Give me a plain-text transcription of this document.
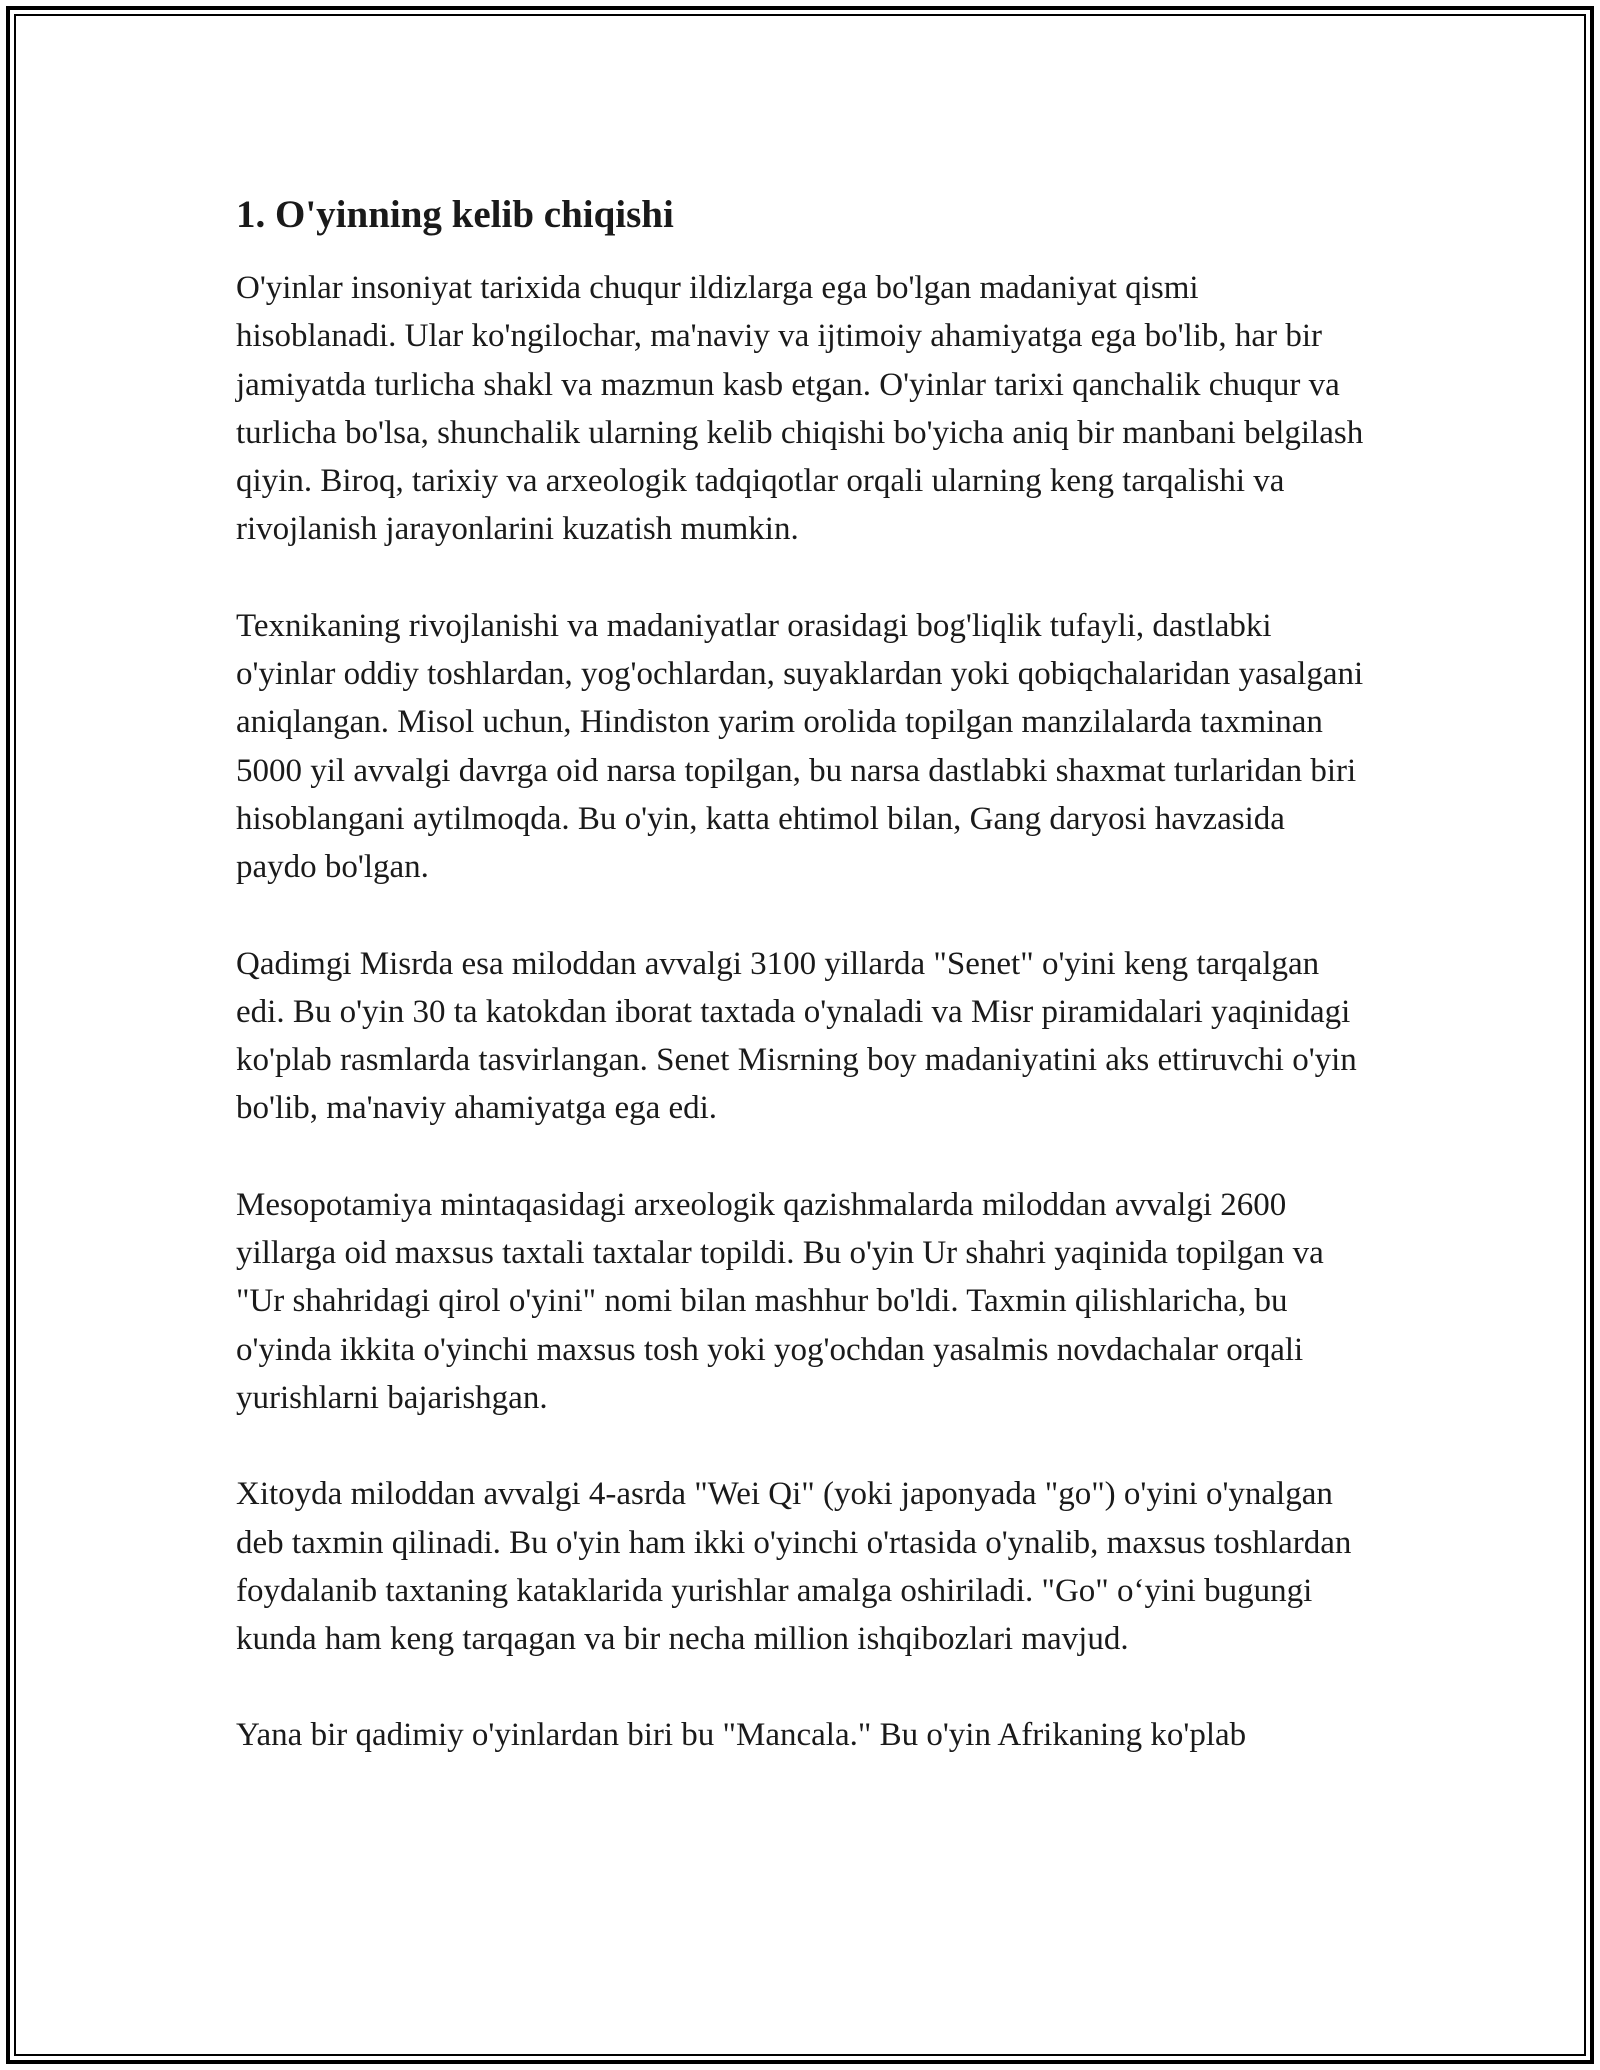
1. O'yinning kelib chiqishi

O'yinlar insoniyat tarixida chuqur ildizlarga ega bo'lgan madaniyat qismi hisoblanadi. Ular ko'ngilochar, ma'naviy va ijtimoiy ahamiyatga ega bo'lib, har bir jamiyatda turlicha shakl va mazmun kasb etgan. O'yinlar tarixi qanchalik chuqur va turlicha bo'lsa, shunchalik ularning kelib chiqishi bo'yicha aniq bir manbani belgilash qiyin. Biroq, tarixiy va arxeologik tadqiqotlar orqali ularning keng tarqalishi va rivojlanish jarayonlarini kuzatish mumkin.

Texnikaning rivojlanishi va madaniyatlar orasidagi bog'liqlik tufayli, dastlabki o'yinlar oddiy toshlardan, yog'ochlardan, suyaklardan yoki qobiqchalaridan yasalgani aniqlangan. Misol uchun, Hindiston yarim orolida topilgan manzilalarda taxminan 5000 yil avvalgi davrga oid narsa topilgan, bu narsa dastlabki shaxmat turlaridan biri hisoblangani aytilmoqda. Bu o'yin, katta ehtimol bilan, Gang daryosi havzasida paydo bo'lgan.

Qadimgi Misrda esa miloddan avvalgi 3100 yillarda "Senet" o'yini keng tarqalgan edi. Bu o'yin 30 ta katokdan iborat taxtada o'ynaladi va Misr piramidalari yaqinidagi ko'plab rasmlarda tasvirlangan. Senet Misrning boy madaniyatini aks ettiruvchi o'yin bo'lib, ma'naviy ahamiyatga ega edi.

Mesopotamiya mintaqasidagi arxeologik qazishmalarda miloddan avvalgi 2600 yillarga oid maxsus taxtali taxtalar topildi. Bu o'yin Ur shahri yaqinida topilgan va "Ur shahridagi qirol o'yini" nomi bilan mashhur bo'ldi. Taxmin qilishlaricha, bu o'yinda ikkita o'yinchi maxsus tosh yoki yog'ochdan yasalmis novdachalar orqali yurishlarni bajarishgan.

Xitoyda miloddan avvalgi 4-asrda "Wei Qi" (yoki japonyada "go") o'yini o'ynalgan deb taxmin qilinadi. Bu o'yin ham ikki o'yinchi o'rtasida o'ynalib, maxsus toshlardan foydalanib taxtaning kataklarida yurishlar amalga oshiriladi. "Go" o‘yini bugungi kunda ham keng tarqagan va bir necha million ishqibozlari mavjud.

Yana bir qadimiy o'yinlardan biri bu "Mancala." Bu o'yin Afrikaning ko'plab
